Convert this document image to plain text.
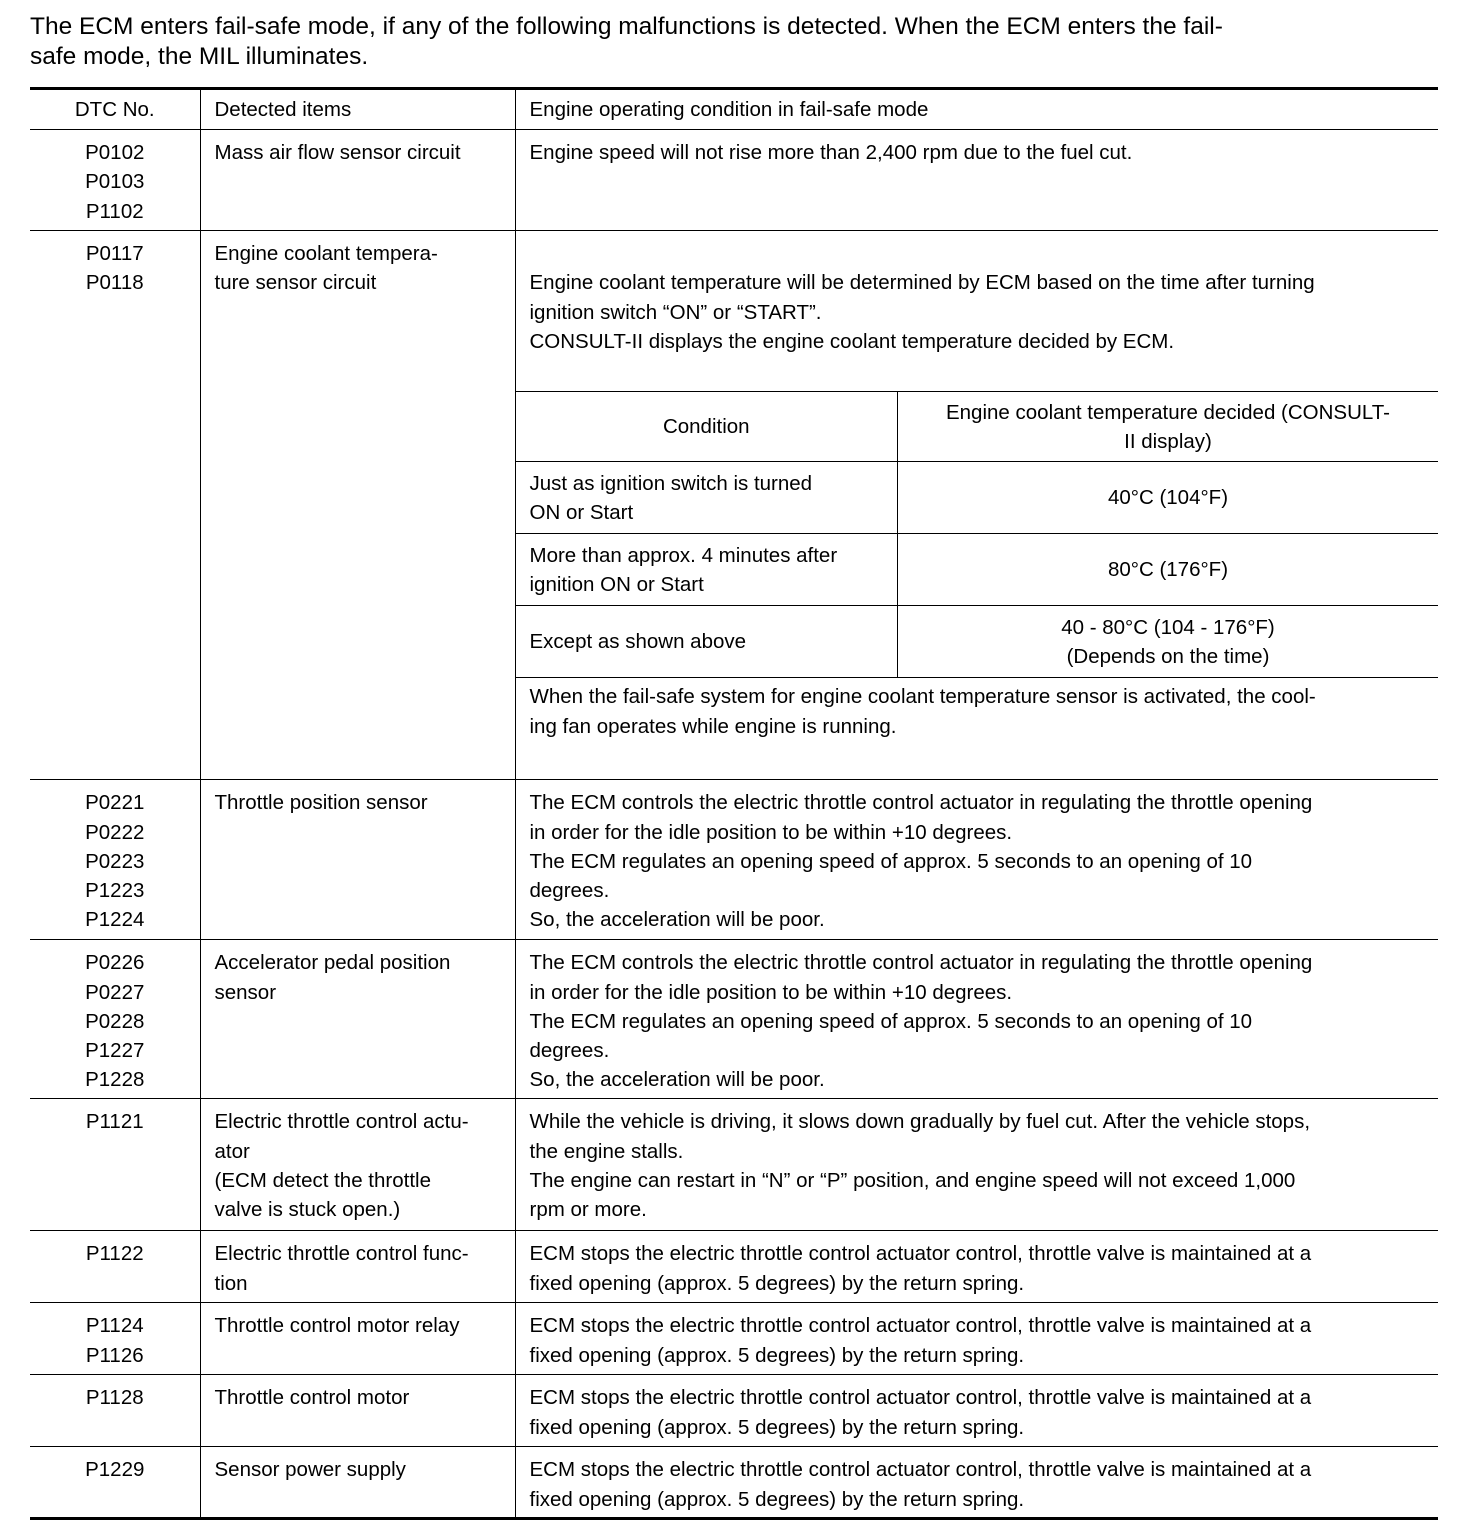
The ECM enters fail-safe mode, if any of the following malfunctions is detected. When the ECM enters the fail-
safe mode, the MIL illuminates.
DTC No.	Detected items	Engine operating condition in fail-safe mode
P0102
P0103
P1102	Mass air flow sensor circuit	Engine speed will not rise more than 2,400 rpm due to the fuel cut.
P0117
P0118	Engine coolant tempera-
ture sensor circuit	Engine coolant temperature will be determined by ECM based on the time after turning
ignition switch “ON” or “START”.
CONSULT-II displays the engine coolant temperature decided by ECM.

Condition	Engine coolant temperature decided (CONSULT-
II display)
Just as ignition switch is turned
ON or Start	40°C (104°F)
More than approx. 4 minutes after
ignition ON or Start	80°C (176°F)
Except as shown above	40 - 80°C (104 - 176°F)
(Depends on the time)
When the fail-safe system for engine coolant temperature sensor is activated, the cool-
ing fan operates while engine is running.

P0221
P0222
P0223
P1223
P1224	Throttle position sensor	The ECM controls the electric throttle control actuator in regulating the throttle opening
in order for the idle position to be within +10 degrees.
The ECM regulates an opening speed of approx. 5 seconds to an opening of 10
degrees.
So, the acceleration will be poor.
P0226
P0227
P0228
P1227
P1228	Accelerator pedal position
sensor	The ECM controls the electric throttle control actuator in regulating the throttle opening
in order for the idle position to be within +10 degrees.
The ECM regulates an opening speed of approx. 5 seconds to an opening of 10
degrees.
So, the acceleration will be poor.
P1121	Electric throttle control actu-
ator
(ECM detect the throttle
valve is stuck open.)	While the vehicle is driving, it slows down gradually by fuel cut. After the vehicle stops,
the engine stalls.
The engine can restart in “N” or “P” position, and engine speed will not exceed 1,000
rpm or more.
P1122	Electric throttle control func-
tion	ECM stops the electric throttle control actuator control, throttle valve is maintained at a
fixed opening (approx. 5 degrees) by the return spring.
P1124
P1126	Throttle control motor relay	ECM stops the electric throttle control actuator control, throttle valve is maintained at a
fixed opening (approx. 5 degrees) by the return spring.
P1128	Throttle control motor	ECM stops the electric throttle control actuator control, throttle valve is maintained at a
fixed opening (approx. 5 degrees) by the return spring.
P1229	Sensor power supply	ECM stops the electric throttle control actuator control, throttle valve is maintained at a
fixed opening (approx. 5 degrees) by the return spring.
